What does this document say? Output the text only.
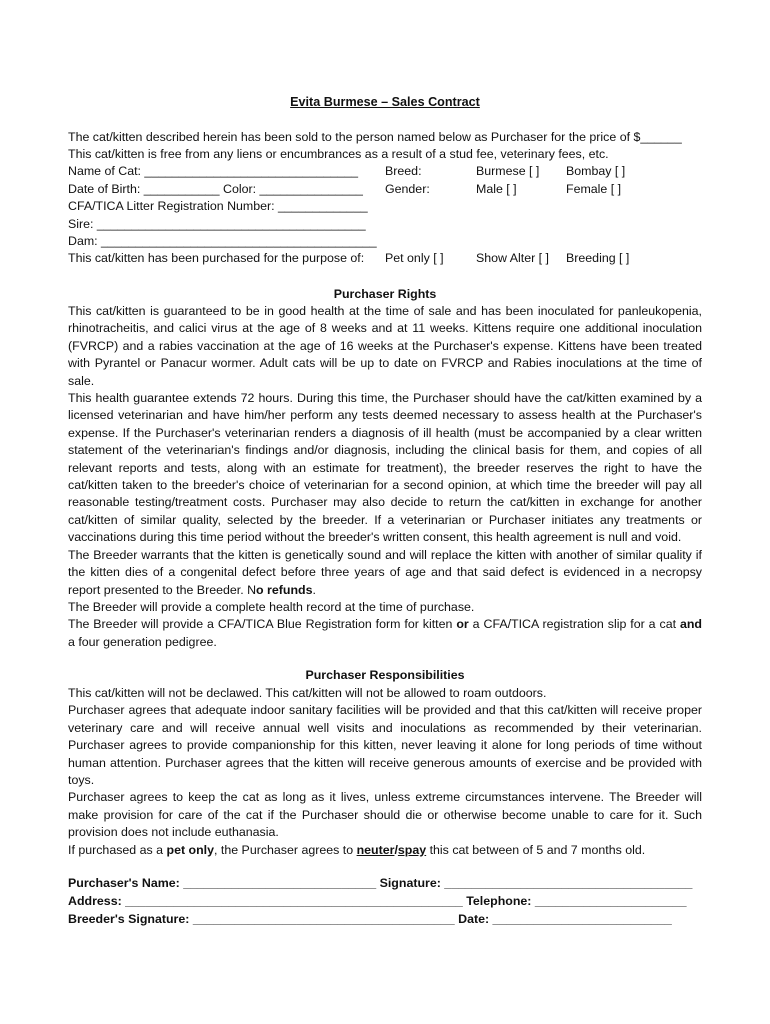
Evita Burmese – Sales Contract
The cat/kitten described herein has been sold to the person named below as Purchaser for the price of $______
This cat/kitten is free from any liens or encumbrances as a result of a stud fee, veterinary fees, etc.
Name of Cat: _______________________________ Breed:	Burmese [ ] Bombay [ ]
Date of Birth: ___________ Color: _______________ Gender:	Male [ ]	Female [ ]
CFA/TICA Litter Registration Number: _____________
Sire: _______________________________________
Dam: ________________________________________
This cat/kitten has been purchased for the purpose of: Pet only [ ]	Show Alter [ ] Breeding [ ]
Purchaser Rights

This cat/kitten is guaranteed to be in good health at the time of sale and has been inoculated for panleukopenia, rhinotracheitis, and calici virus at the age of 8 weeks and at 11 weeks. Kittens require one additional inoculation (FVRCP) and a rabies vaccination at the age of 16 weeks at the Purchaser's expense. Kittens have been treated with Pyrantel or Panacur wormer. Adult cats will be up to date on FVRCP and Rabies inoculations at the time of sale.

This health guarantee extends 72 hours. During this time, the Purchaser should have the cat/kitten examined by a licensed veterinarian and have him/her perform any tests deemed necessary to assess health at the Purchaser's expense. If the Purchaser's veterinarian renders a diagnosis of ill health (must be accompanied by a clear written statement of the veterinarian's findings and/or diagnosis, including the clinical basis for them, and copies of all relevant reports and tests, along with an estimate for treatment), the breeder reserves the right to have the cat/kitten taken to the breeder's choice of veterinarian for a second opinion, at which time the breeder will pay all reasonable testing/treatment costs. Purchaser may also decide to return the cat/kitten in exchange for another cat/kitten of similar quality, selected by the breeder. If a veterinarian or Purchaser initiates any treatments or vaccinations during this time period without the breeder's written consent, this health agreement is null and void.

The Breeder warrants that the kitten is genetically sound and will replace the kitten with another of similar quality if the kitten dies of a congenital defect before three years of age and that said defect is evidenced in a necropsy report presented to the Breeder. No refunds.

The Breeder will provide a complete health record at the time of purchase.

The Breeder will provide a CFA/TICA Blue Registration form for kitten or a CFA/TICA registration slip for a cat and a four generation pedigree.

Purchaser Responsibilities

This cat/kitten will not be declawed. This cat/kitten will not be allowed to roam outdoors.

Purchaser agrees that adequate indoor sanitary facilities will be provided and that this cat/kitten will receive proper veterinary care and will receive annual well visits and inoculations as recommended by their veterinarian. Purchaser agrees to provide companionship for this kitten, never leaving it alone for long periods of time without human attention. Purchaser agrees that the kitten will receive generous amounts of exercise and be provided with toys.

Purchaser agrees to keep the cat as long as it lives, unless extreme circumstances intervene. The Breeder will make provision for care of the cat if the Purchaser should die or otherwise become unable to care for it. Such provision does not include euthanasia.

If purchased as a pet only, the Purchaser agrees to neuter/spay this cat between of 5 and 7 months old.

Purchaser's Name: ____________________________ Signature: ____________________________________
Address: _________________________________________________ Telephone: ______________________
Breeder's Signature: ______________________________________ Date: __________________________
